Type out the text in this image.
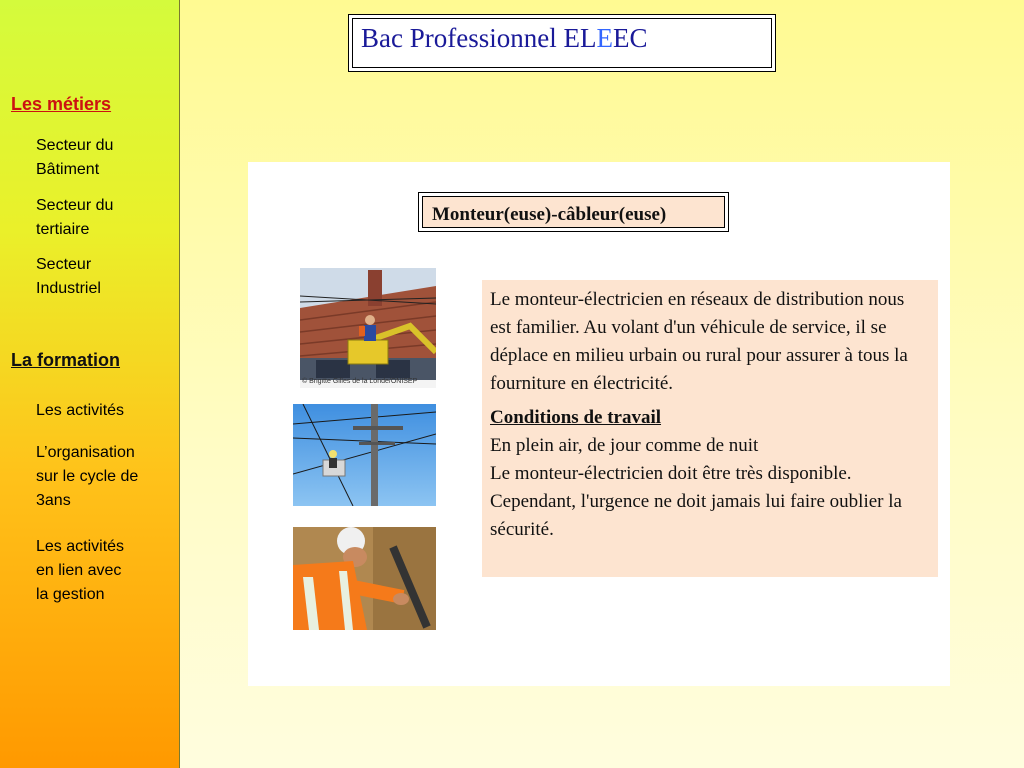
Les métiers
Secteur du
Bâtiment
Secteur du
tertiaire
Secteur
Industriel
La formation
Les activités
L’organisation
sur le cycle de
3ans
Les activités
en lien avec
la gestion
Bac Professionnel ELEEC
Monteur(euse)-câbleur(euse)
© Brigitte Gilles de la Londe/ONISEP

Le monteur-électricien en réseaux de distribution nous est familier. Au volant d'un véhicule de service, il se déplace en milieu urbain ou rural pour assurer à tous la fourniture en électricité.

Conditions de travail

En plein air, de jour comme de nuit

Le monteur-électricien doit être très disponible. Cependant, l'urgence ne doit jamais lui faire oublier la sécurité.
